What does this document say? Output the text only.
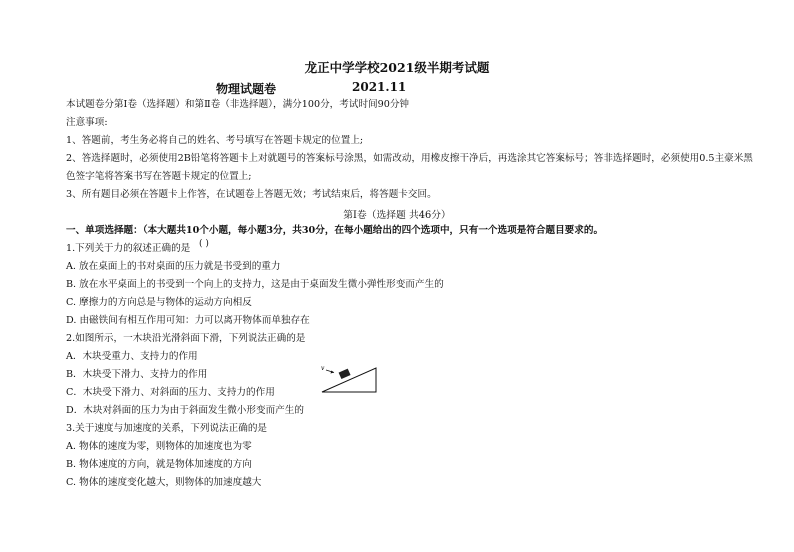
龙正中学学校2021级半期考试题
物理试题卷	2021.11
本试题卷分第Ⅰ卷（选择题）和第Ⅱ卷（非选择题），满分100分，考试时间90分钟
注意事项:
1、答题前，考生务必将自己的姓名、考号填写在答题卡规定的位置上;
2、答选择题时，必须使用2B铅笔将答题卡上对就题号的答案标号涂黑，如需改动，用橡皮擦干净后，再选涂其它答案标号；答非选择题时，必须使用0.5主豪米黑
色签字笔将答案书写在答题卡规定的位置上;
3、所有题目必须在答题卡上作答，在试题卷上答题无效；考试结束后，将答题卡交回。
第Ⅰ卷（选择题 共46分）
一、单项选择题：（本大题共10个小题，每小题3分，共30分，在每小题给出的四个选项中，只有一个选项是符合题目要求的。
1.下列关于力的叙述正确的是 ( )
A. 放在桌面上的书对桌面的压力就是书受到的重力
B. 放在水平桌面上的书受到一个向上的支持力，这是由于桌面发生微小弹性形变而产生的
C. 摩擦力的方向总是与物体的运动方向相反
D. 由磁铁间有相互作用可知：力可以离开物体而单独存在
2.如图所示，一木块沿光滑斜面下滑，下列说法正确的是
A．木块受重力、支持力的作用
B．木块受下滑力、支持力的作用
C．木块受下滑力、对斜面的压力、支持力的作用
D．木块对斜面的压力为由于斜面发生微小形变而产生的
v
3.关于速度与加速度的关系，下列说法正确的是
A. 物体的速度为零，则物体的加速度也为零
B. 物体速度的方向，就是物体加速度的方向
C. 物体的速度变化越大，则物体的加速度越大
